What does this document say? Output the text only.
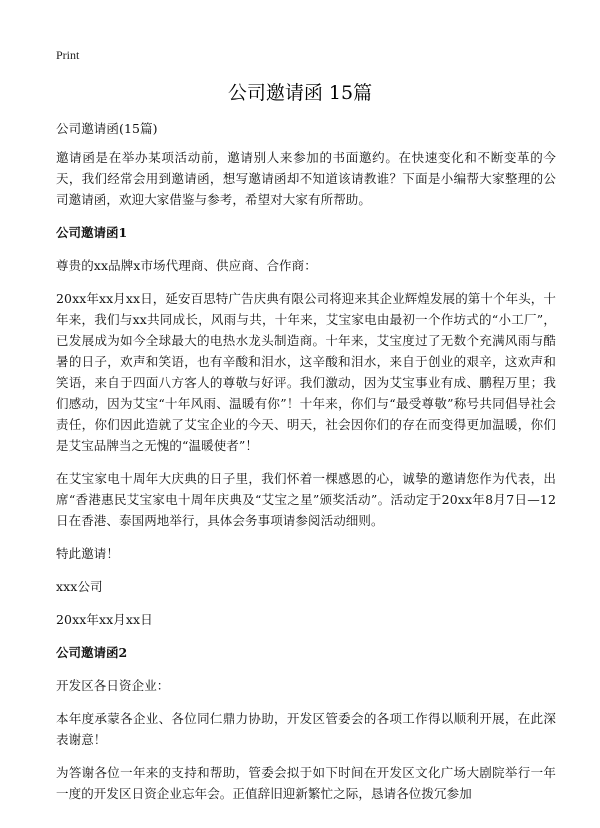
Print
公司邀请函 15篇

公司邀请函(15篇)

邀请函是在举办某项活动前，邀请别人来参加的书面邀约。在快速变化和不断变革的今天，我们经常会用到邀请函，想写邀请函却不知道该请教谁？下面是小编帮大家整理的公司邀请函，欢迎大家借鉴与参考，希望对大家有所帮助。

公司邀请函1

尊贵的xx品牌x市场代理商、供应商、合作商：

20xx年xx月xx日，延安百思特广告庆典有限公司将迎来其企业辉煌发展的第十个年头，十年来，我们与xx共同成长，风雨与共，十年来，艾宝家电由最初一个作坊式的“小工厂”，已发展成为如今全球最大的电热水龙头制造商。十年来，艾宝度过了无数个充满风雨与酷暑的日子，欢声和笑语，也有辛酸和泪水，这辛酸和泪水，来自于创业的艰辛，这欢声和笑语，来自于四面八方客人的尊敬与好评。我们激动，因为艾宝事业有成、鹏程万里；我们感动，因为艾宝“十年风雨、温暖有你”！十年来，你们与“最受尊敬”称号共同倡导社会责任，你们因此造就了艾宝企业的今天、明天，社会因你们的存在而变得更加温暖，你们是艾宝品牌当之无愧的“温暖使者”！

在艾宝家电十周年大庆典的日子里，我们怀着一棵感恩的心，诚挚的邀请您作为代表，出席“香港惠民艾宝家电十周年庆典及“艾宝之星”颁奖活动”。活动定于20xx年8月7日—12日在香港、泰国两地举行，具体会务事项请参阅活动细则。

特此邀请！

xxx公司

20xx年xx月xx日

公司邀请函2

开发区各日资企业：

本年度承蒙各企业、各位同仁鼎力协助，开发区管委会的各项工作得以顺利开展，在此深表谢意！

为答谢各位一年来的支持和帮助，管委会拟于如下时间在开发区文化广场大剧院举行一年一度的开发区日资企业忘年会。正值辞旧迎新繁忙之际，恳请各位拨冗参加
